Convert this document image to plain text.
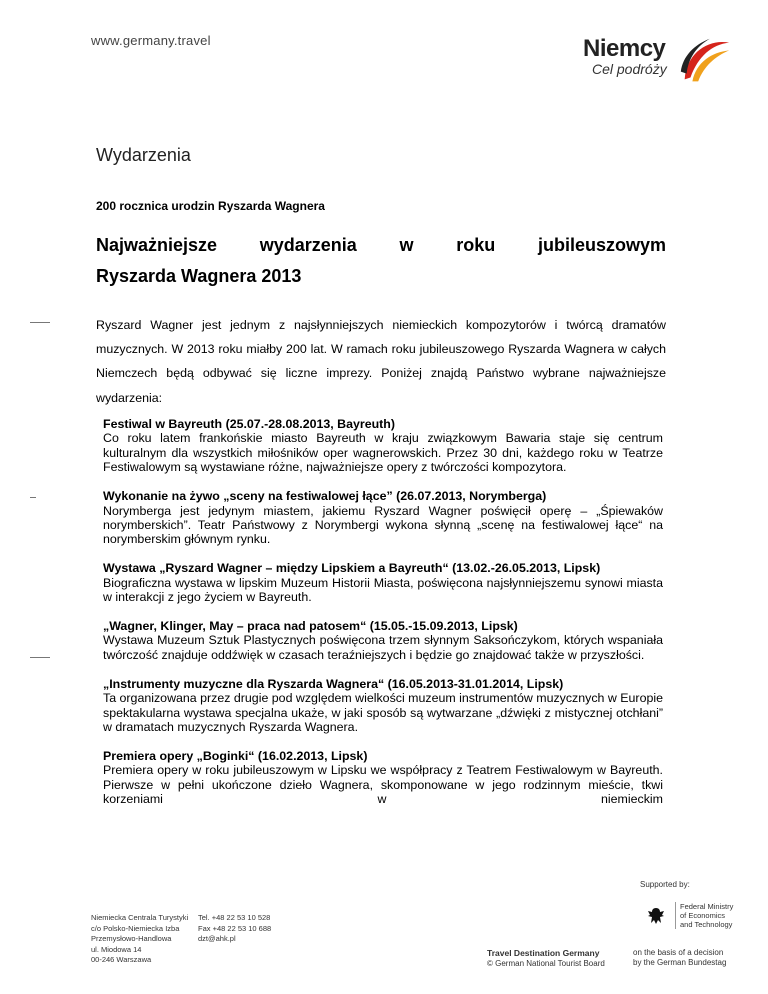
www.germany.travel	Niemcy
Cel podróży
Wydarzenia
200 rocznica urodzin Ryszarda Wagnera
Najważniejsze wydarzenia w roku jubileuszowym
Ryszarda Wagnera 2013
Ryszard Wagner jest jednym z najsłynniejszych niemieckich kompozytorów i twórcą dramatów muzycznych. W 2013 roku miałby 200 lat. W ramach roku jubileuszowego Ryszarda Wagnera w całych Niemczech będą odbywać się liczne imprezy. Poniżej znajdą Państwo wybrane najważniejsze wydarzenia:
Festiwal w Bayreuth (25.07.-28.08.2013, Bayreuth)
Co roku latem frankońskie miasto Bayreuth w kraju związkowym Bawaria staje się centrum kulturalnym dla wszystkich miłośników oper wagnerowskich. Przez 30 dni, każdego roku w Teatrze Festiwalowym są wystawiane różne, najważniejsze opery z twórczości kompozytora.
Wykonanie na żywo „sceny na festiwalowej łące” (26.07.2013, Norymberga)
Norymberga jest jedynym miastem, jakiemu Ryszard Wagner poświęcił operę – „Śpiewaków norymberskich”. Teatr Państwowy z Norymbergi wykona słynną „scenę na festiwalowej łące“ na norymberskim głównym rynku.
Wystawa „Ryszard Wagner – między Lipskiem a Bayreuth“ (13.02.-26.05.2013, Lipsk)
Biograficzna wystawa w lipskim Muzeum Historii Miasta, poświęcona najsłynniejszemu synowi miasta w interakcji z jego życiem w Bayreuth.
„Wagner, Klinger, May – praca nad patosem“ (15.05.-15.09.2013, Lipsk)
Wystawa Muzeum Sztuk Plastycznych poświęcona trzem słynnym Saksończykom, których wspaniała twórczość znajduje oddźwięk w czasach teraźniejszych i będzie go znajdować także w przyszłości.
„Instrumenty muzyczne dla Ryszarda Wagnera“ (16.05.2013-31.01.2014, Lipsk)
Ta organizowana przez drugie pod względem wielkości muzeum instrumentów muzycznych w Europie spektakularna wystawa specjalna ukaże, w jaki sposób są wytwarzane „dźwięki z mistycznej otchłani” w dramatach muzycznych Ryszarda Wagnera.
Premiera opery „Boginki“ (16.02.2013, Lipsk)
Premiera opery w roku jubileuszowym w Lipsku we współpracy z Teatrem Festiwalowym w Bayreuth. Pierwsze w pełni ukończone dzieło Wagnera, skomponowane w jego rodzinnym mieście, tkwi korzeniami w niemieckim
Supported by:
Niemiecka Centrala Turystyki
c/o Polsko-Niemiecka Izba
Przemysłowo-Handlowa
ul. Miodowa 14
00-246 Warszawa
Tel. +48 22 53 10 528
Fax +48 22 53 10 688
dzt@ahk.pl
Travel Destination Germany
© German National Tourist Board
Federal Ministry
of Economics
and Technology
on the basis of a decision
by the German Bundestag
